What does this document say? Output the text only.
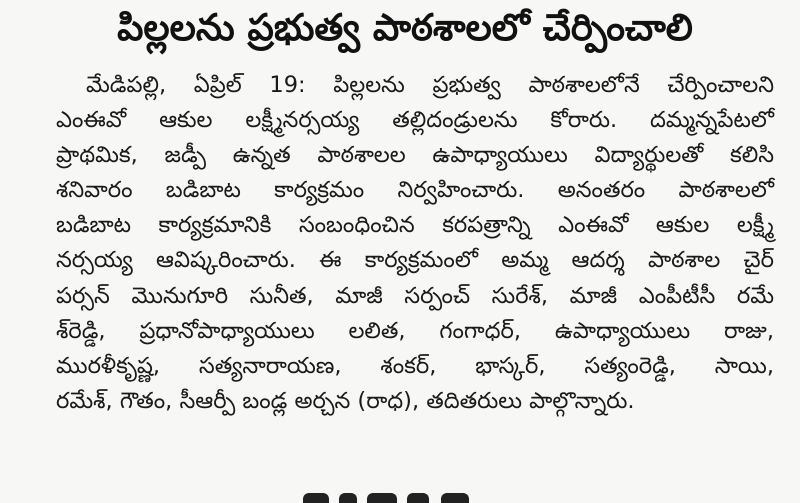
పిల్లలను ప్రభుత్వ పాఠశాలలో చేర్పించాలి
మేడిపల్లి, ఏప్రిల్ 19: పిల్లలను ప్రభుత్వ పాఠశాలలోనే చేర్పించాలని
ఎంఈవో ఆకుల లక్ష్మీనర్సయ్య తల్లిదండ్రులను కోరారు. దమ్మన్నపేటలో
ప్రాథమిక, జడ్పీ ఉన్నత పాఠశాలల ఉపాధ్యాయులు విద్యార్థులతో కలిసి
శనివారం బడిబాట కార్యక్రమం నిర్వహించారు. అనంతరం పాఠశాలలో
బడిబాట కార్యక్రమానికి సంబంధించిన కరపత్రాన్ని ఎంఈవో ఆకుల లక్ష్మీ
నర్సయ్య ఆవిష్కరించారు. ఈ కార్యక్రమంలో అమ్మ ఆదర్శ పాఠశాల చైర్
పర్సన్ మొనుగూరి సునీత, మాజీ సర్పంచ్ సురేశ్, మాజీ ఎంపీటీసీ రమే
శ్‌రెడ్డి, ప్రధానోపాధ్యాయులు లలిత, గంగాధర్, ఉపాధ్యాయులు రాజు,
మురళీకృష్ణ, సత్యనారాయణ, శంకర్, భాస్కర్, సత్యంరెడ్డి, సాయి,
రమేశ్, గౌతం, సీఆర్పీ బండ్ల అర్చన (రాధ), తదితరులు పాల్గొన్నారు.
